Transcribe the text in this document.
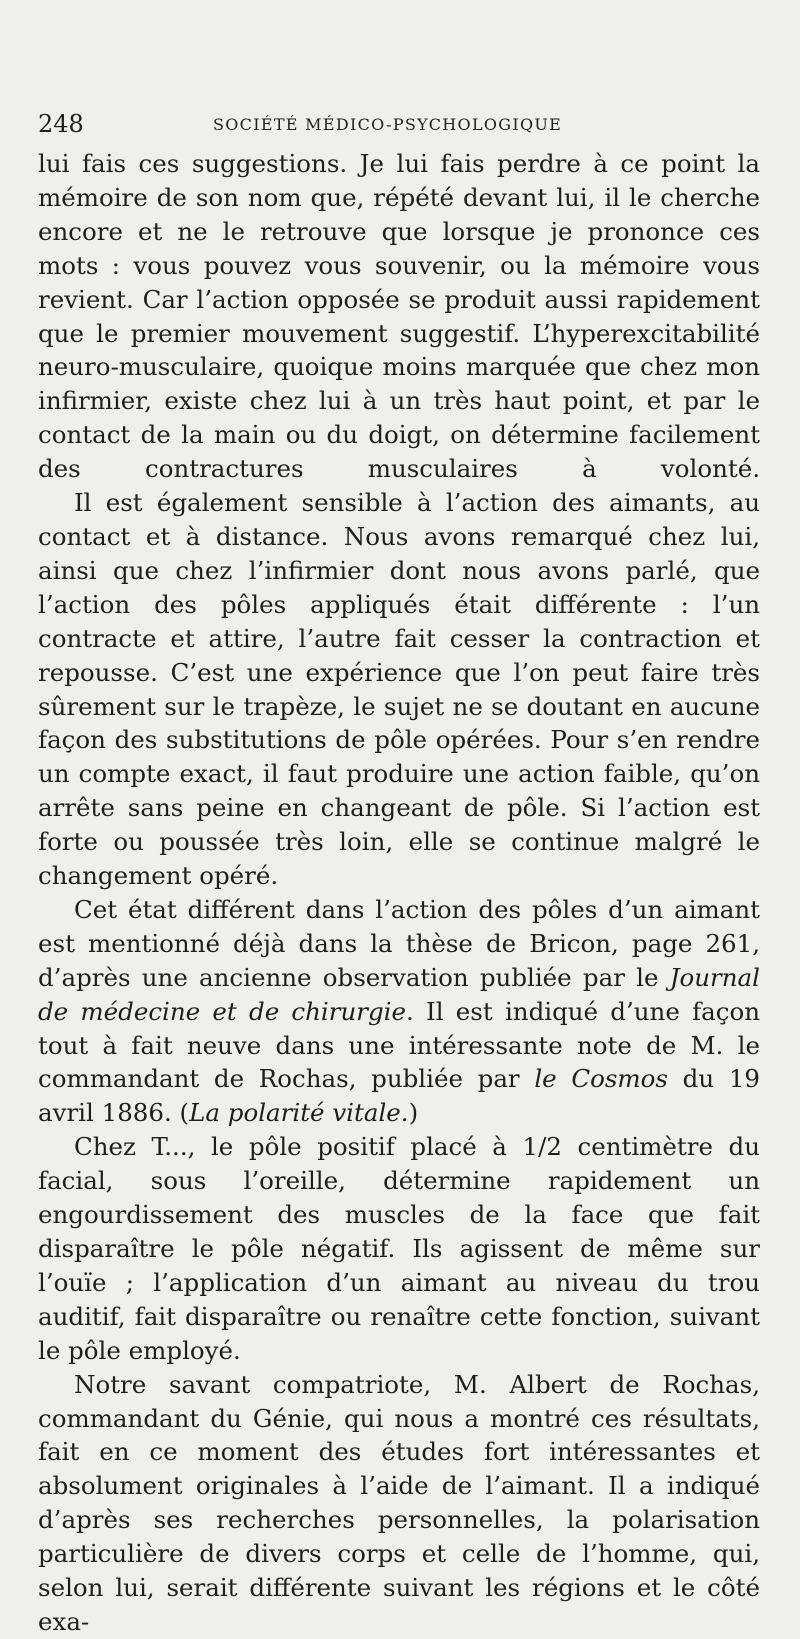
248	SOCIÉTÉ MÉDICO-PSYCHOLOGIQUE

lui fais ces suggestions. Je lui fais perdre à ce point la mémoire de son nom que, répété devant lui, il le cherche encore et ne le retrouve que lorsque je prononce ces mots : vous pouvez vous souvenir, ou la mémoire vous revient. Car l’action opposée se produit aussi rapidement que le premier mouvement suggestif. L’hyperexcitabilité neuro-musculaire, quoique moins marquée que chez mon infirmier, existe chez lui à un très haut point, et par le contact de la main ou du doigt, on détermine facilement des contractures musculaires à volonté.

Il est également sensible à l’action des aimants, au contact et à distance. Nous avons remarqué chez lui, ainsi que chez l’infirmier dont nous avons parlé, que l’action des pôles appliqués était différente : l’un contracte et attire, l’autre fait cesser la contraction et repousse. C’est une expérience que l’on peut faire très sûrement sur le trapèze, le sujet ne se doutant en aucune façon des substitutions de pôle opérées. Pour s’en rendre un compte exact, il faut produire une action faible, qu’on arrête sans peine en changeant de pôle. Si l’action est forte ou poussée très loin, elle se continue malgré le changement opéré.

Cet état différent dans l’action des pôles d’un aimant est mentionné déjà dans la thèse de Bricon, page 261, d’après une ancienne observation publiée par le Journal de médecine et de chirurgie. Il est indiqué d’une façon tout à fait neuve dans une intéressante note de M. le commandant de Rochas, publiée par le Cosmos du 19 avril 1886. (La polarité vitale.)

Chez T..., le pôle positif placé à 1/2 centimètre du facial, sous l’oreille, détermine rapidement un engourdissement des muscles de la face que fait disparaître le pôle négatif. Ils agissent de même sur l’ouïe ; l’application d’un aimant au niveau du trou auditif, fait disparaître ou renaître cette fonction, suivant le pôle employé.

Notre savant compatriote, M. Albert de Rochas, commandant du Génie, qui nous a montré ces résultats, fait en ce moment des études fort intéressantes et absolument originales à l’aide de l’aimant. Il a indiqué d’après ses recherches personnelles, la polarisation particulière de divers corps et celle de l’homme, qui, selon lui, serait différente suivant les régions et le côté exa-
